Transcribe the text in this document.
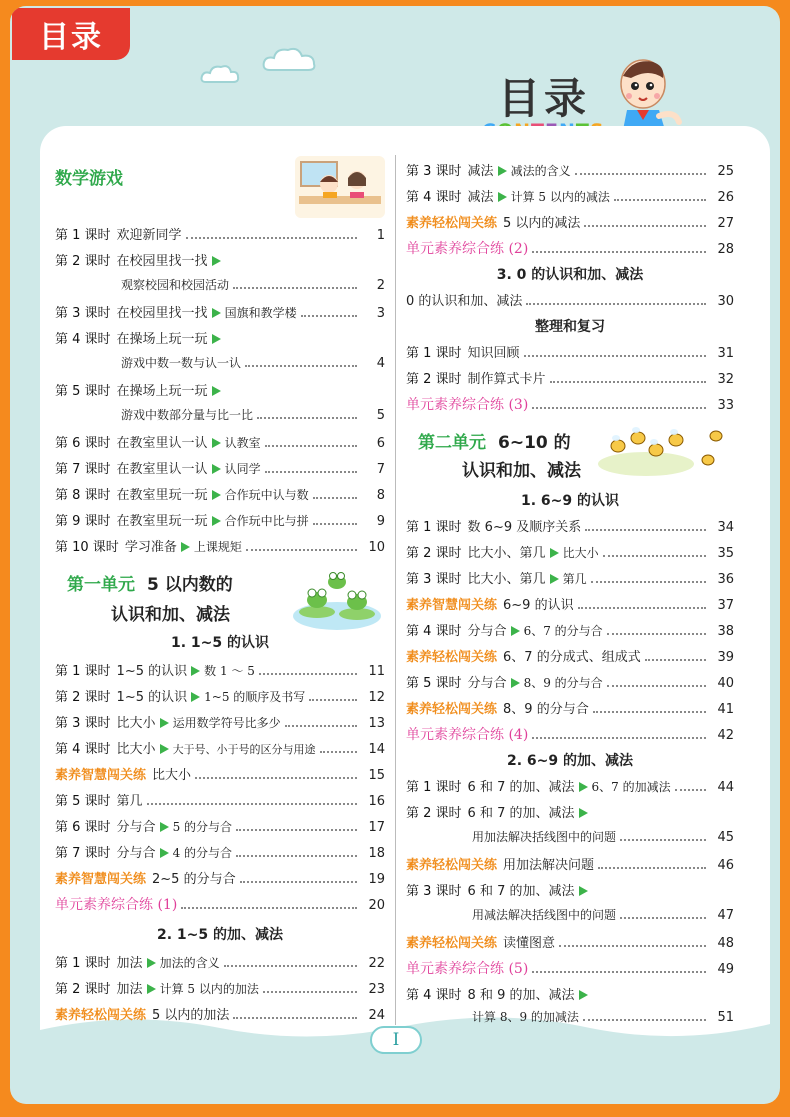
目录
目录
I
数学游戏
第 1 课时 欢迎新同学	1
第 2 课时 在校园里找一找
观察校园和校园活动	2
第 3 课时 在校园里找一找 国旗和教学楼	3
第 4 课时 在操场上玩一玩
游戏中数一数与认一认	4
第 5 课时 在操场上玩一玩
游戏中数部分量与比一比	5
第 6 课时 在教室里认一认 认教室	6
第 7 课时 在教室里认一认 认同学	7
第 8 课时 在教室里玩一玩 合作玩中认与数	8
第 9 课时 在教室里玩一玩 合作玩中比与拼	9
第 10 课时 学习准备 上课规矩	10
第一单元 5 以内数的
认识和加、减法
1. 1~5 的认识
第 1 课时 1~5 的认识 数 1 ～ 5	11
第 2 课时 1~5 的认识 1~5 的顺序及书写	12
第 3 课时 比大小 运用数学符号比多少	13
第 4 课时 比大小 大于号、小于号的区分与用途	14
素养智慧闯关练 比大小	15
第 5 课时 第几	16
第 6 课时 分与合 5 的分与合	17
第 7 课时 分与合 4 的分与合	18
素养智慧闯关练 2~5 的分与合	19
单元素养综合练 (1)	20
2. 1~5 的加、减法
第 1 课时 加法 加法的含义	22
第 2 课时 加法 计算 5 以内的加法	23
素养轻松闯关练 5 以内的加法	24
第 3 课时 减法 减法的含义	25
第 4 课时 减法 计算 5 以内的减法	26
素养轻松闯关练 5 以内的减法	27
单元素养综合练 (2)	28
3. 0 的认识和加、减法
0 的认识和加、减法	30
整理和复习
第 1 课时 知识回顾	31
第 2 课时 制作算式卡片	32
单元素养综合练 (3)	33
第二单元 6~10 的
认识和加、减法
1. 6~9 的认识
第 1 课时 数 6~9 及顺序关系	34
第 2 课时 比大小、第几 比大小	35
第 3 课时 比大小、第几 第几	36
素养智慧闯关练 6~9 的认识	37
第 4 课时 分与合 6、7 的分与合	38
素养轻松闯关练 6、7 的分成式、组成式	39
第 5 课时 分与合 8、9 的分与合	40
素养轻松闯关练 8、9 的分与合	41
单元素养综合练 (4)	42
2. 6~9 的加、减法
第 1 课时 6 和 7 的加、减法 6、7 的加减法	44
第 2 课时 6 和 7 的加、减法
用加法解决括线图中的问题	45
素养轻松闯关练 用加法解决问题	46
第 3 课时 6 和 7 的加、减法
用减法解决括线图中的问题	47
素养轻松闯关练 读懂图意	48
单元素养综合练 (5)	49
第 4 课时 8 和 9 的加、减法
计算 8、9 的加减法	51
